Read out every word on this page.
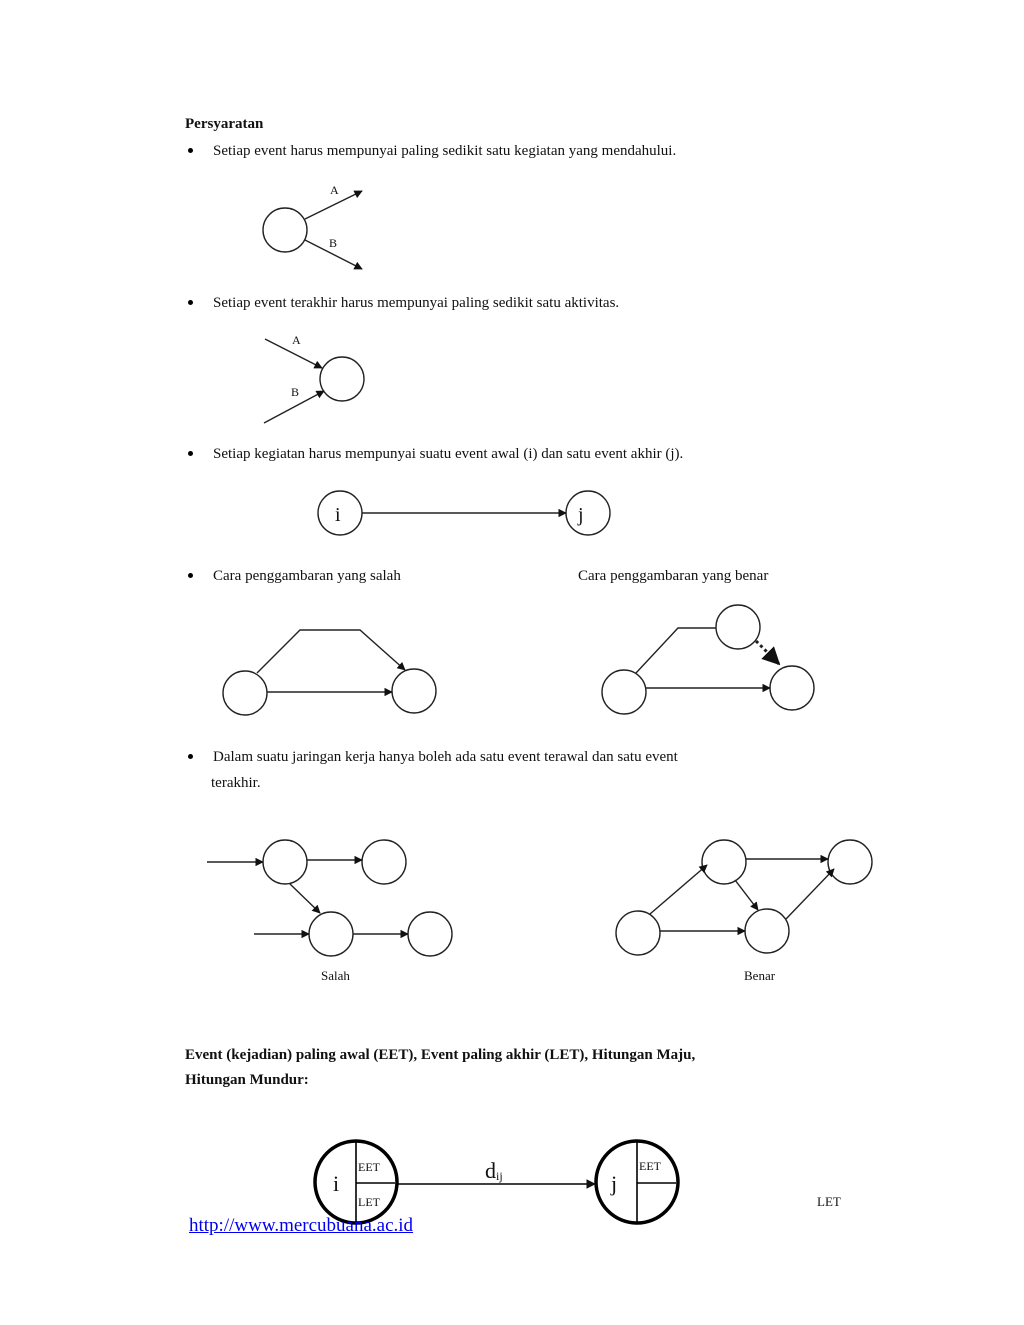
Persyaratan
Setiap event harus mempunyai paling sedikit satu kegiatan yang mendahului.
Setiap event terakhir harus mempunyai paling sedikit satu aktivitas.
Setiap kegiatan harus mempunyai suatu event awal (i) dan satu event akhir (j).
Cara penggambaran yang salah	Cara penggambaran yang benar
Dalam suatu jaringan kerja hanya boleh ada satu event terawal dan satu event
terakhir.
Event (kejadian) paling awal (EET), Event paling akhir (LET), Hitungan Maju,
Hitungan Mundur:
A
B
A
B
Salah	Benar
LET
i	j
i	j
EET
LET
EET
dij
http://www.mercubuana.ac.id
